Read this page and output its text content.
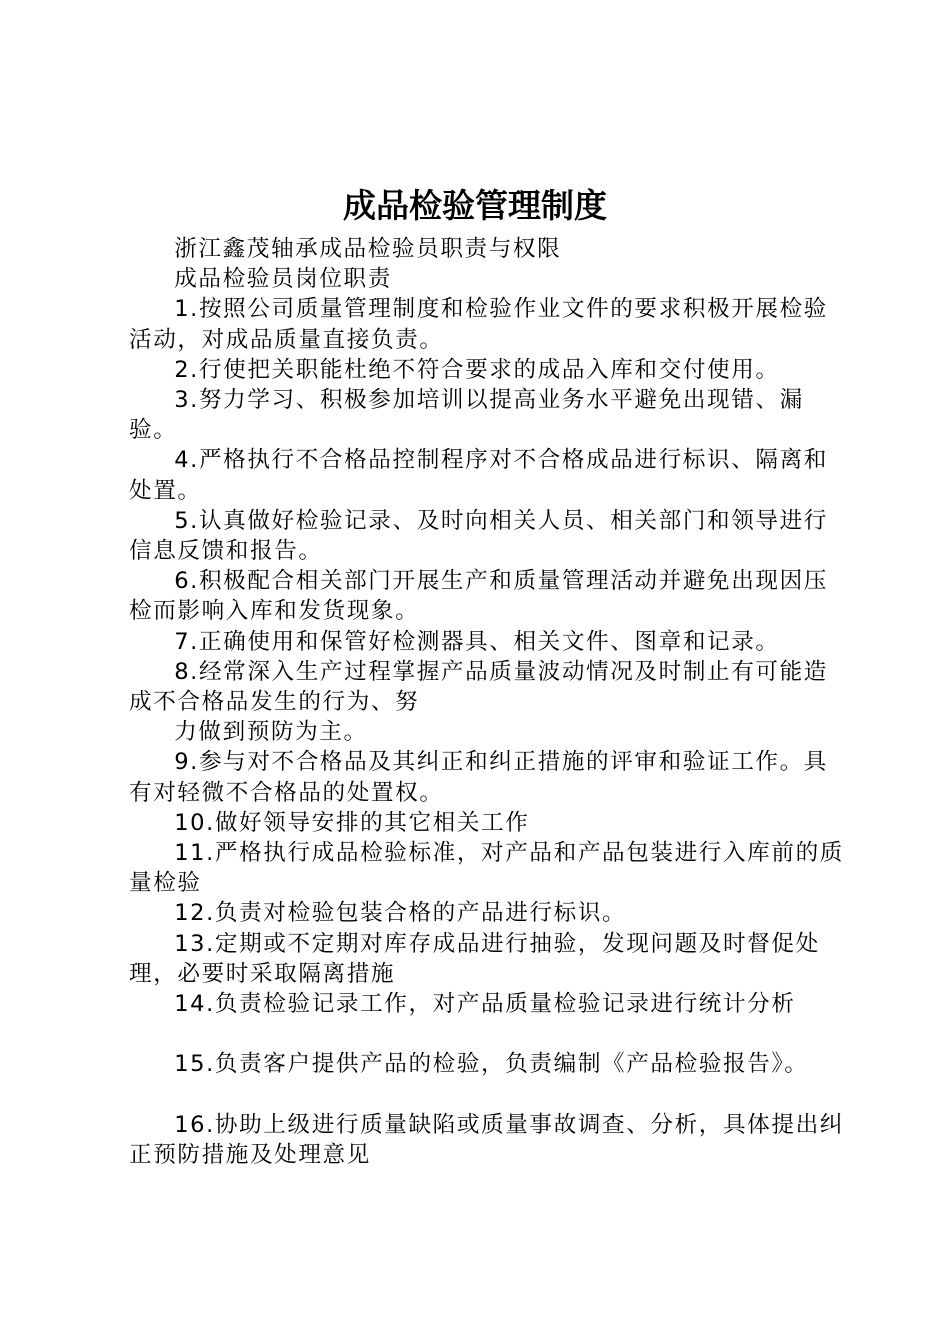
成品检验管理制度

浙江鑫茂轴承成品检验员职责与权限

成品检验员岗位职责

1.按照公司质量管理制度和检验作业文件的要求积极开展检验活动，对成品质量直接负责。

2.行使把关职能杜绝不符合要求的成品入库和交付使用。

3.努力学习、积极参加培训以提高业务水平避免出现错、漏验。

4.严格执行不合格品控制程序对不合格成品进行标识、隔离和处置。

5.认真做好检验记录、及时向相关人员、相关部门和领导进行信息反馈和报告。

6.积极配合相关部门开展生产和质量管理活动并避免出现因压检而影响入库和发货现象。

7.正确使用和保管好检测器具、相关文件、图章和记录。

8.经常深入生产过程掌握产品质量波动情况及时制止有可能造成不合格品发生的行为、努

力做到预防为主。

9.参与对不合格品及其纠正和纠正措施的评审和验证工作。具有对轻微不合格品的处置权。

10.做好领导安排的其它相关工作

11.严格执行成品检验标准，对产品和产品包装进行入库前的质量检验

12.负责对检验包装合格的产品进行标识。

13.定期或不定期对库存成品进行抽验，发现问题及时督促处理，必要时采取隔离措施

14.负责检验记录工作，对产品质量检验记录进行统计分析

15.负责客户提供产品的检验，负责编制《产品检验报告》。

16.协助上级进行质量缺陷或质量事故调查、分析，具体提出纠正预防措施及处理意见
